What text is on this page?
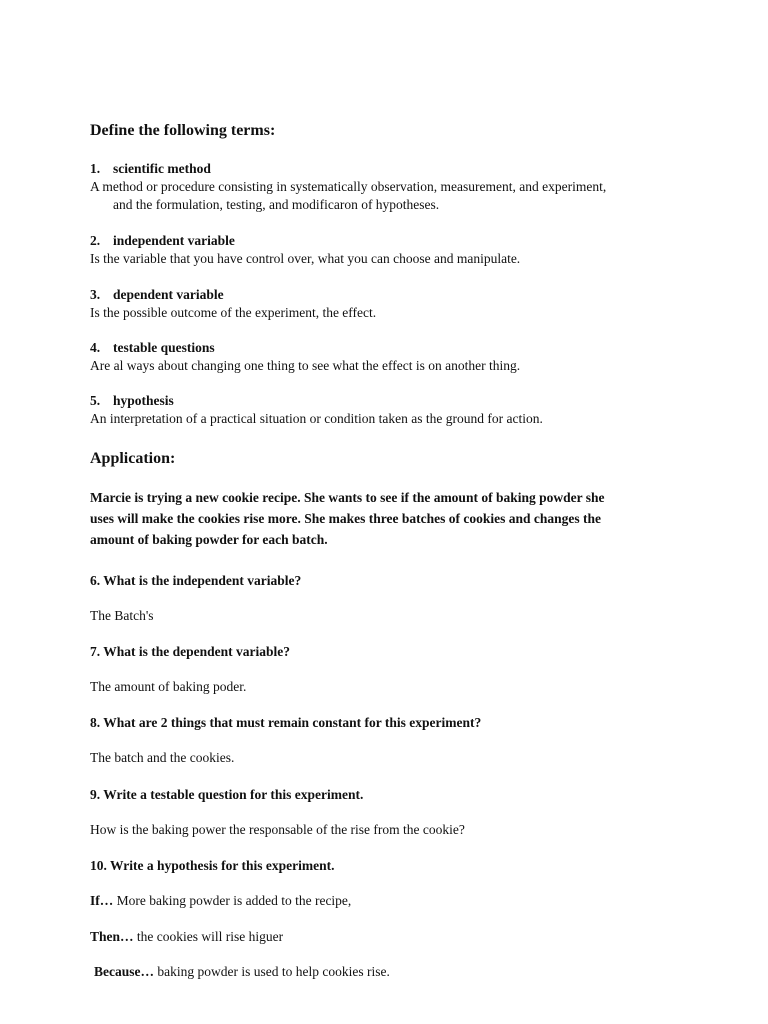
Define the following terms:
1. scientific method
A method or procedure consisting in systematically observation, measurement, and experiment,
and the formulation, testing, and modificaron of hypotheses.
2. independent variable
Is the variable that you have control over, what you can choose and manipulate.
3. dependent variable
Is the possible outcome of the experiment, the effect.
4. testable questions
Are al ways about changing one thing to see what the effect is on another thing.
5. hypothesis
An interpretation of a practical situation or condition taken as the ground for action.
Application:
Marcie is trying a new cookie recipe. She wants to see if the amount of baking powder she
uses will make the cookies rise more. She makes three batches of cookies and changes the
amount of baking powder for each batch.
6. What is the independent variable?
The Batch's
7. What is the dependent variable?
The amount of baking poder.
8. What are 2 things that must remain constant for this experiment?
The batch and the cookies.
9. Write a testable question for this experiment.
How is the baking power the responsable of the rise from the cookie?
10. Write a hypothesis for this experiment.
If… More baking powder is added to the recipe,
Then… the cookies will rise higuer
Because… baking powder is used to help cookies rise.
